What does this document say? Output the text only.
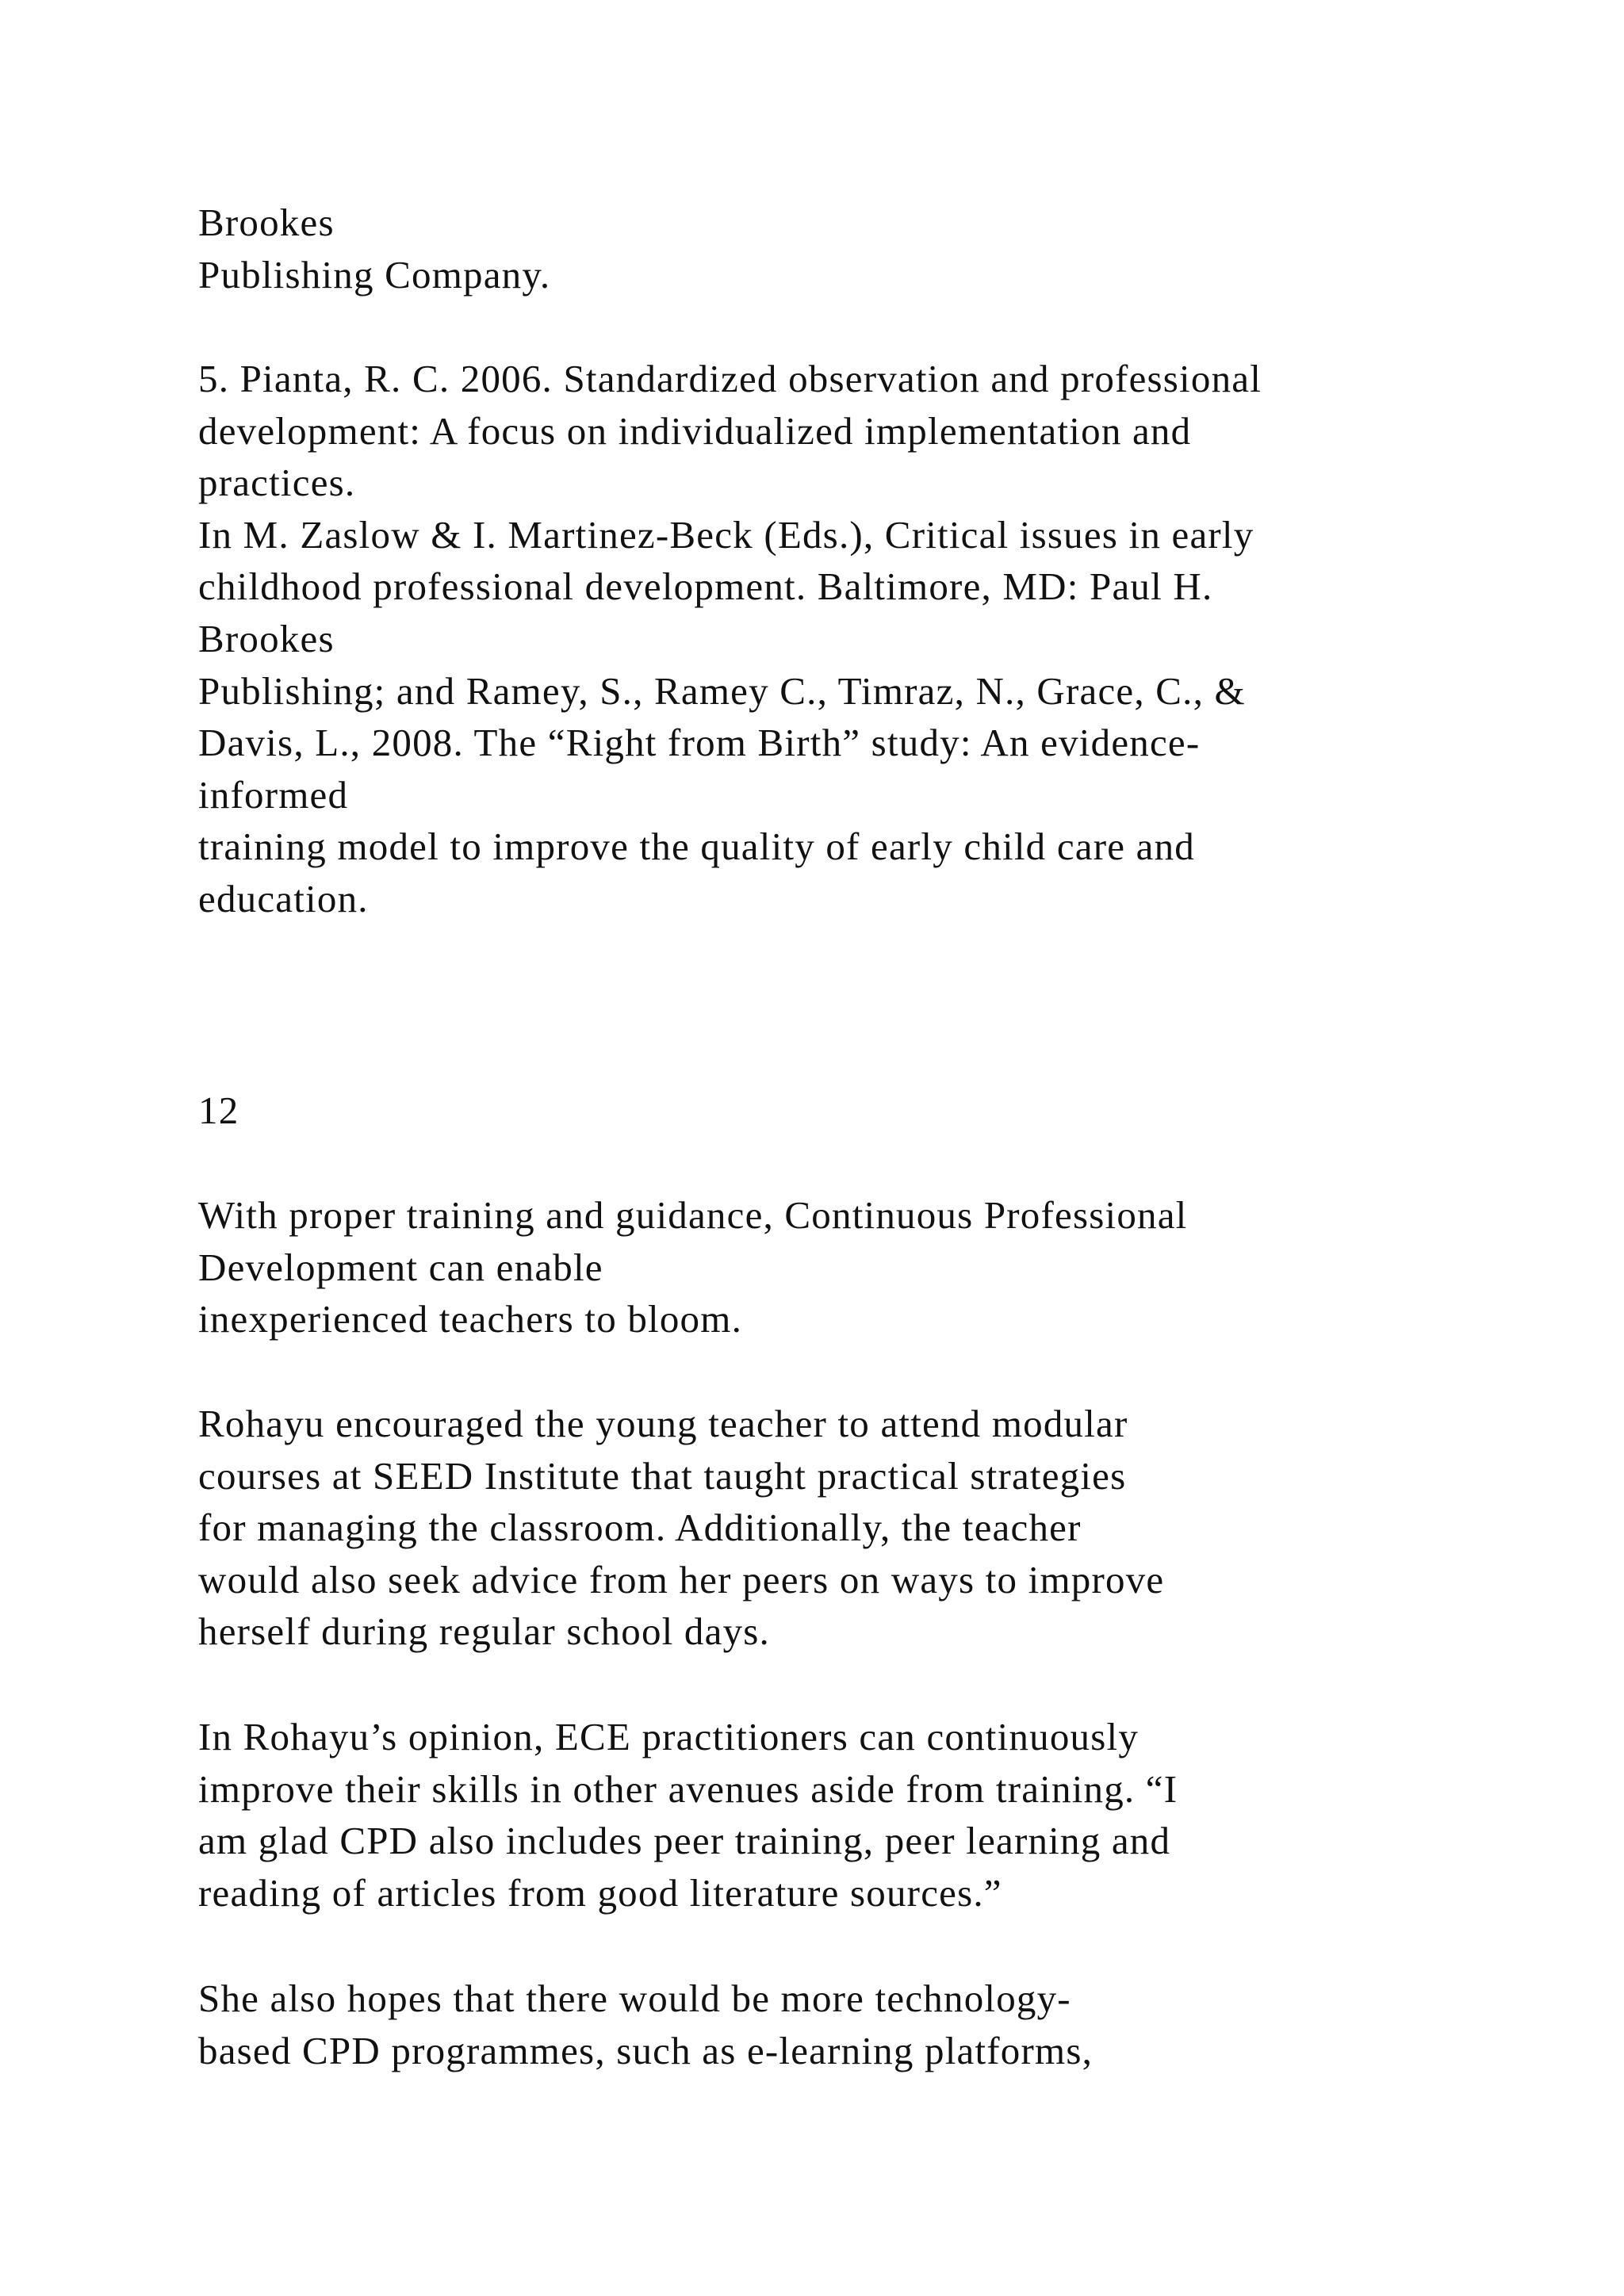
Brookes
Publishing Company.
5. Pianta, R. C. 2006. Standardized observation and professional
development: A focus on individualized implementation and
practices.
In M. Zaslow & I. Martinez-Beck (Eds.), Critical issues in early
childhood professional development. Baltimore, MD: Paul H.
Brookes
Publishing; and Ramey, S., Ramey C., Timraz, N., Grace, C., &
Davis, L., 2008. The “Right from Birth” study: An evidence-
informed
training model to improve the quality of early child care and
education.
12
With proper training and guidance, Continuous Professional
Development can enable
inexperienced teachers to bloom.
Rohayu encouraged the young teacher to attend modular
courses at SEED Institute that taught practical strategies
for managing the classroom. Additionally, the teacher
would also seek advice from her peers on ways to improve
herself during regular school days.
In Rohayu’s opinion, ECE practitioners can continuously
improve their skills in other avenues aside from training. “I
am glad CPD also includes peer training, peer learning and
reading of articles from good literature sources.”
She also hopes that there would be more technology-
based CPD programmes, such as e-learning platforms,
